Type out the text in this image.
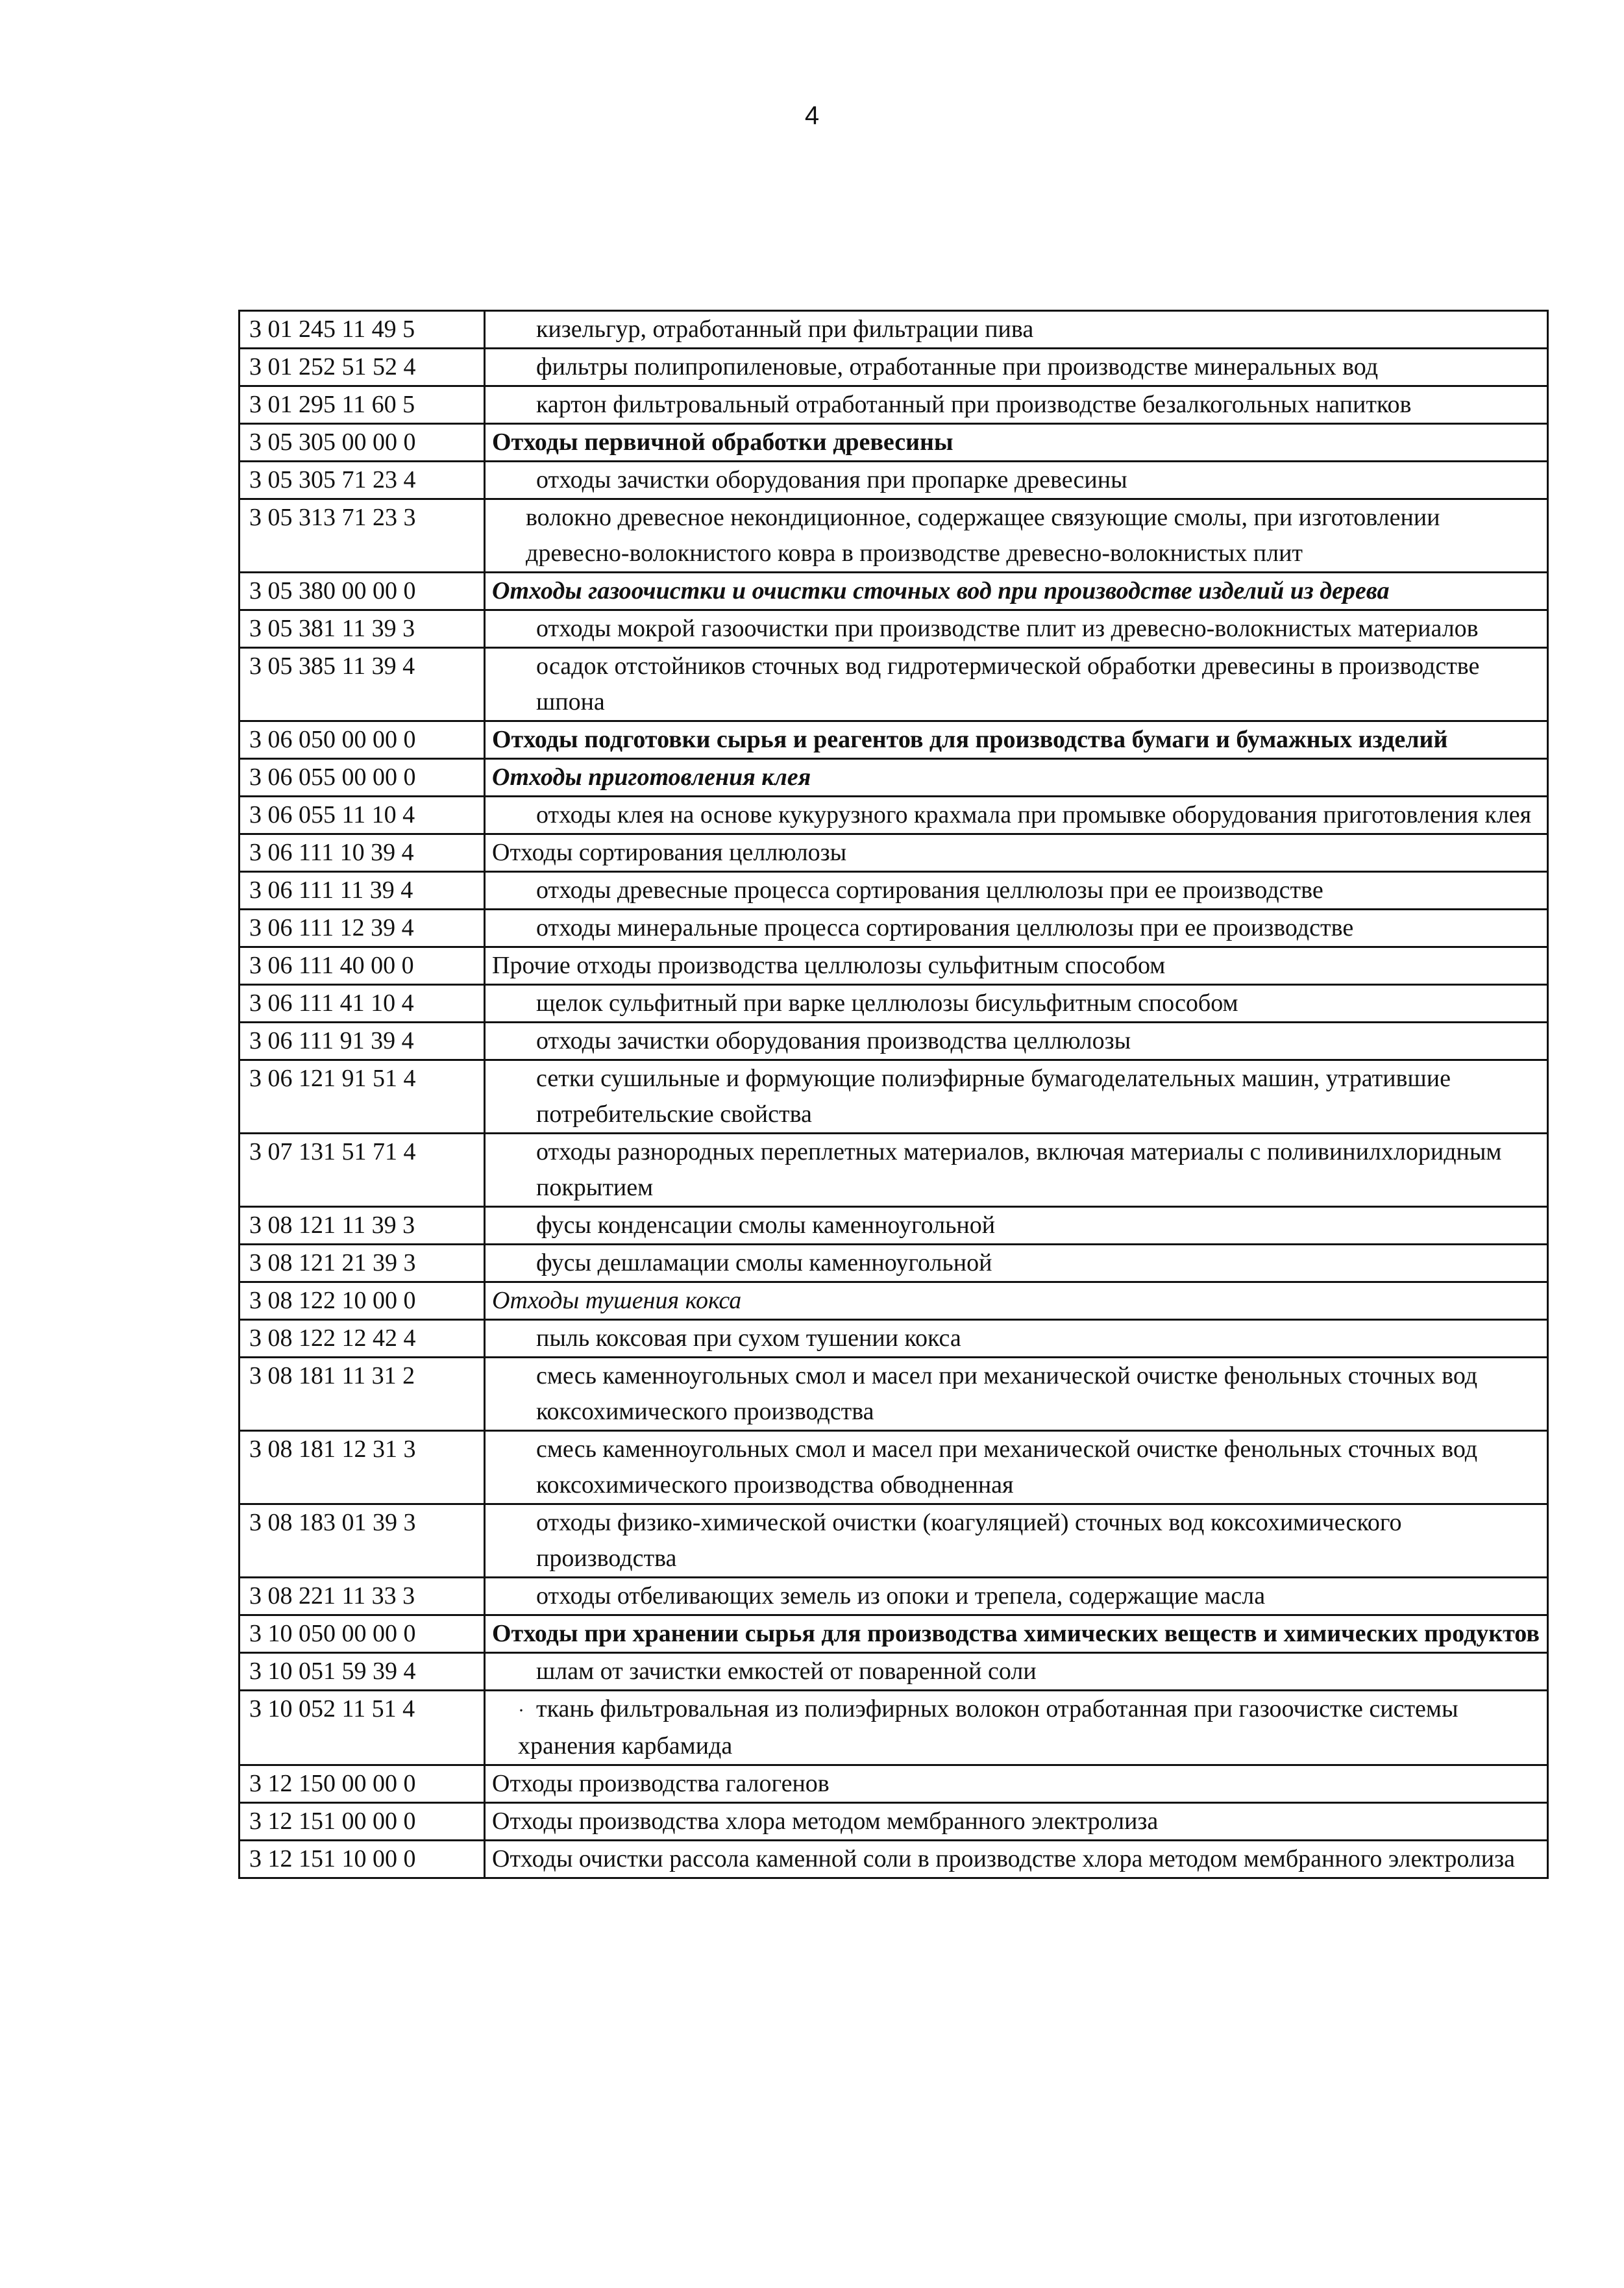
4
3 01 245 11 49 5	кизельгур, отработанный при фильтрации пива
3 01 252 51 52 4	фильтры полипропиленовые, отработанные при производстве минеральных вод
3 01 295 11 60 5	картон фильтровальный отработанный при производстве безалкогольных напитков
3 05 305 00 00 0	Отходы первичной обработки древесины
3 05 305 71 23 4	отходы зачистки оборудования при пропарке древесины
3 05 313 71 23 3	волокно древесное некондиционное, содержащее связующие смолы, при изготовлении древесно-волокнистого ковра в производстве древесно-волокнистых плит
3 05 380 00 00 0	Отходы газоочистки и очистки сточных вод при производстве изделий из дерева
3 05 381 11 39 3	отходы мокрой газоочистки при производстве плит из древесно-волокнистых материалов
3 05 385 11 39 4	осадок отстойников сточных вод гидротермической обработки древесины в производстве шпона
3 06 050 00 00 0	Отходы подготовки сырья и реагентов для производства бумаги и бумажных изделий
3 06 055 00 00 0	Отходы приготовления клея
3 06 055 11 10 4	отходы клея на основе кукурузного крахмала при промывке оборудования приготовления клея
3 06 111 10 39 4	Отходы сортирования целлюлозы
3 06 111 11 39 4	отходы древесные процесса сортирования целлюлозы при ее производстве
3 06 111 12 39 4	отходы минеральные процесса сортирования целлюлозы при ее производстве
3 06 111 40 00 0	Прочие отходы производства целлюлозы сульфитным способом
3 06 111 41 10 4	щелок сульфитный при варке целлюлозы бисульфитным способом
3 06 111 91 39 4	отходы зачистки оборудования производства целлюлозы
3 06 121 91 51 4	сетки сушильные и формующие полиэфирные бумагоделательных машин, утратившие потребительские свойства
3 07 131 51 71 4	отходы разнородных переплетных материалов, включая материалы с поливинилхлоридным покрытием
3 08 121 11 39 3	фусы конденсации смолы каменноугольной
3 08 121 21 39 3	фусы дешламации смолы каменноугольной
3 08 122 10 00 0	Отходы тушения кокса
3 08 122 12 42 4	пыль коксовая при сухом тушении кокса
3 08 181 11 31 2	смесь каменноугольных смол и масел при механической очистке фенольных сточных вод коксохимического производства
3 08 181 12 31 3	смесь каменноугольных смол и масел при механической очистке фенольных сточных вод коксохимического производства обводненная
3 08 183 01 39 3	отходы физико-химической очистки (коагуляцией) сточных вод коксохимического производства
3 08 221 11 33 3	отходы отбеливающих земель из опоки и трепела, содержащие масла
3 10 050 00 00 0	Отходы при хранении сырья для производства химических веществ и химических продуктов
3 10 051 59 39 4	шлам от зачистки емкостей от поваренной соли
3 10 052 11 51 4	· ткань фильтровальная из полиэфирных волокон отработанная при газоочистке системы хранения карбамида
3 12 150 00 00 0	Отходы производства галогенов
3 12 151 00 00 0	Отходы производства хлора методом мембранного электролиза
3 12 151 10 00 0	Отходы очистки рассола каменной соли в производстве хлора методом мембранного электролиза
